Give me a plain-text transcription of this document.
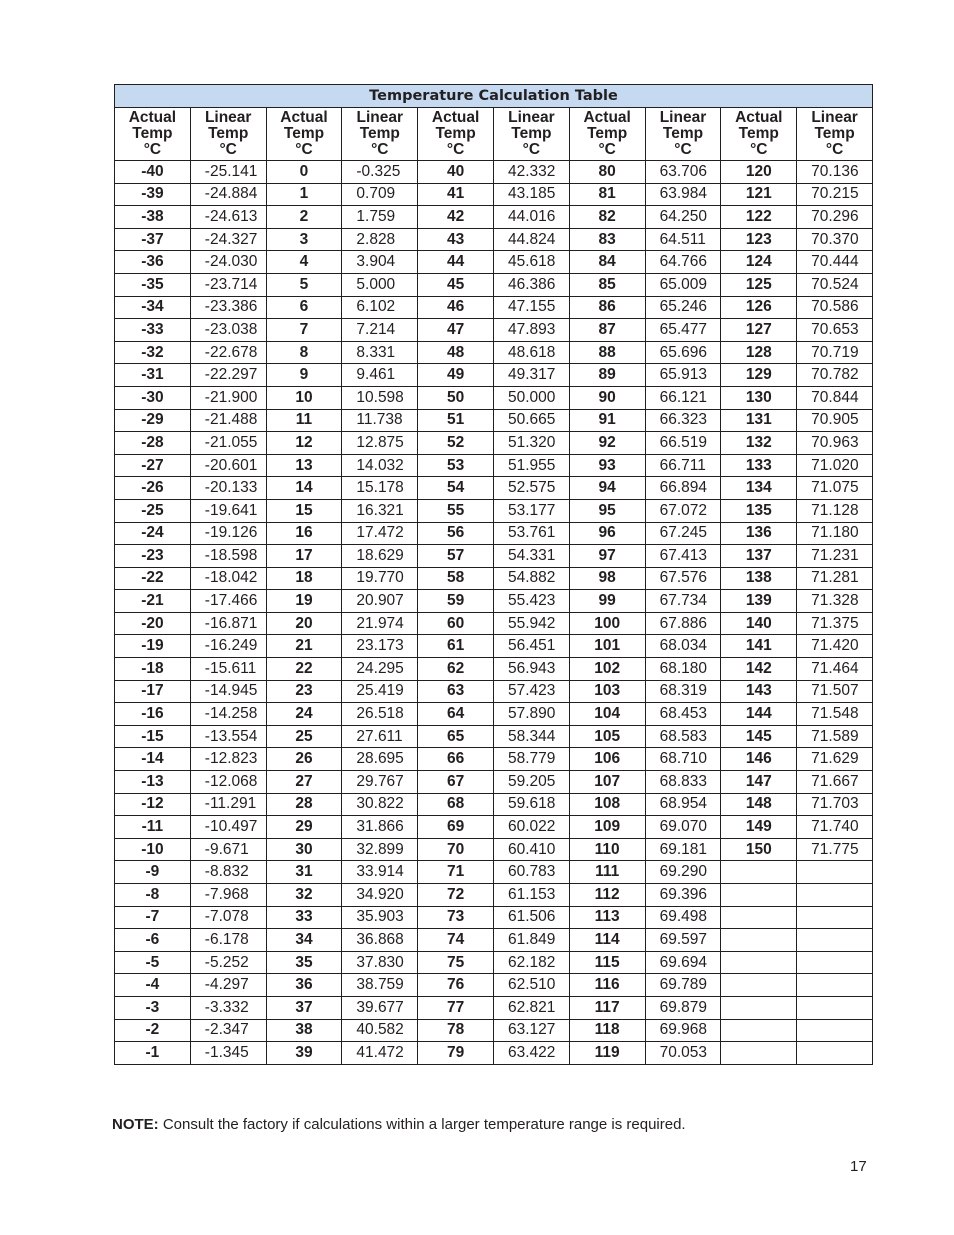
Temperature Calculation Table									
Actual
Temp
°C	Linear
Temp
°C	Actual
Temp
°C	Linear
Temp
°C	Actual
Temp
°C	Linear
Temp
°C	Actual
Temp
°C	Linear
Temp
°C	Actual
Temp
°C	Linear
Temp
°C
-40	-25.141	0	-0.325	40	42.332	80	63.706	120	70.136
-39	-24.884	1	0.709	41	43.185	81	63.984	121	70.215
-38	-24.613	2	1.759	42	44.016	82	64.250	122	70.296
-37	-24.327	3	2.828	43	44.824	83	64.511	123	70.370
-36	-24.030	4	3.904	44	45.618	84	64.766	124	70.444
-35	-23.714	5	5.000	45	46.386	85	65.009	125	70.524
-34	-23.386	6	6.102	46	47.155	86	65.246	126	70.586
-33	-23.038	7	7.214	47	47.893	87	65.477	127	70.653
-32	-22.678	8	8.331	48	48.618	88	65.696	128	70.719
-31	-22.297	9	9.461	49	49.317	89	65.913	129	70.782
-30	-21.900	10	10.598	50	50.000	90	66.121	130	70.844
-29	-21.488	11	11.738	51	50.665	91	66.323	131	70.905
-28	-21.055	12	12.875	52	51.320	92	66.519	132	70.963
-27	-20.601	13	14.032	53	51.955	93	66.711	133	71.020
-26	-20.133	14	15.178	54	52.575	94	66.894	134	71.075
-25	-19.641	15	16.321	55	53.177	95	67.072	135	71.128
-24	-19.126	16	17.472	56	53.761	96	67.245	136	71.180
-23	-18.598	17	18.629	57	54.331	97	67.413	137	71.231
-22	-18.042	18	19.770	58	54.882	98	67.576	138	71.281
-21	-17.466	19	20.907	59	55.423	99	67.734	139	71.328
-20	-16.871	20	21.974	60	55.942	100	67.886	140	71.375
-19	-16.249	21	23.173	61	56.451	101	68.034	141	71.420
-18	-15.611	22	24.295	62	56.943	102	68.180	142	71.464
-17	-14.945	23	25.419	63	57.423	103	68.319	143	71.507
-16	-14.258	24	26.518	64	57.890	104	68.453	144	71.548
-15	-13.554	25	27.611	65	58.344	105	68.583	145	71.589
-14	-12.823	26	28.695	66	58.779	106	68.710	146	71.629
-13	-12.068	27	29.767	67	59.205	107	68.833	147	71.667
-12	-11.291	28	30.822	68	59.618	108	68.954	148	71.703
-11	-10.497	29	31.866	69	60.022	109	69.070	149	71.740
-10	-9.671	30	32.899	70	60.410	110	69.181	150	71.775
-9	-8.832	31	33.914	71	60.783	111	69.290		
-8	-7.968	32	34.920	72	61.153	112	69.396		
-7	-7.078	33	35.903	73	61.506	113	69.498		
-6	-6.178	34	36.868	74	61.849	114	69.597		
-5	-5.252	35	37.830	75	62.182	115	69.694		
-4	-4.297	36	38.759	76	62.510	116	69.789		
-3	-3.332	37	39.677	77	62.821	117	69.879		
-2	-2.347	38	40.582	78	63.127	118	69.968		
-1	-1.345	39	41.472	79	63.422	119	70.053		
NOTE: Consult the factory if calculations within a larger temperature range is required.
17
